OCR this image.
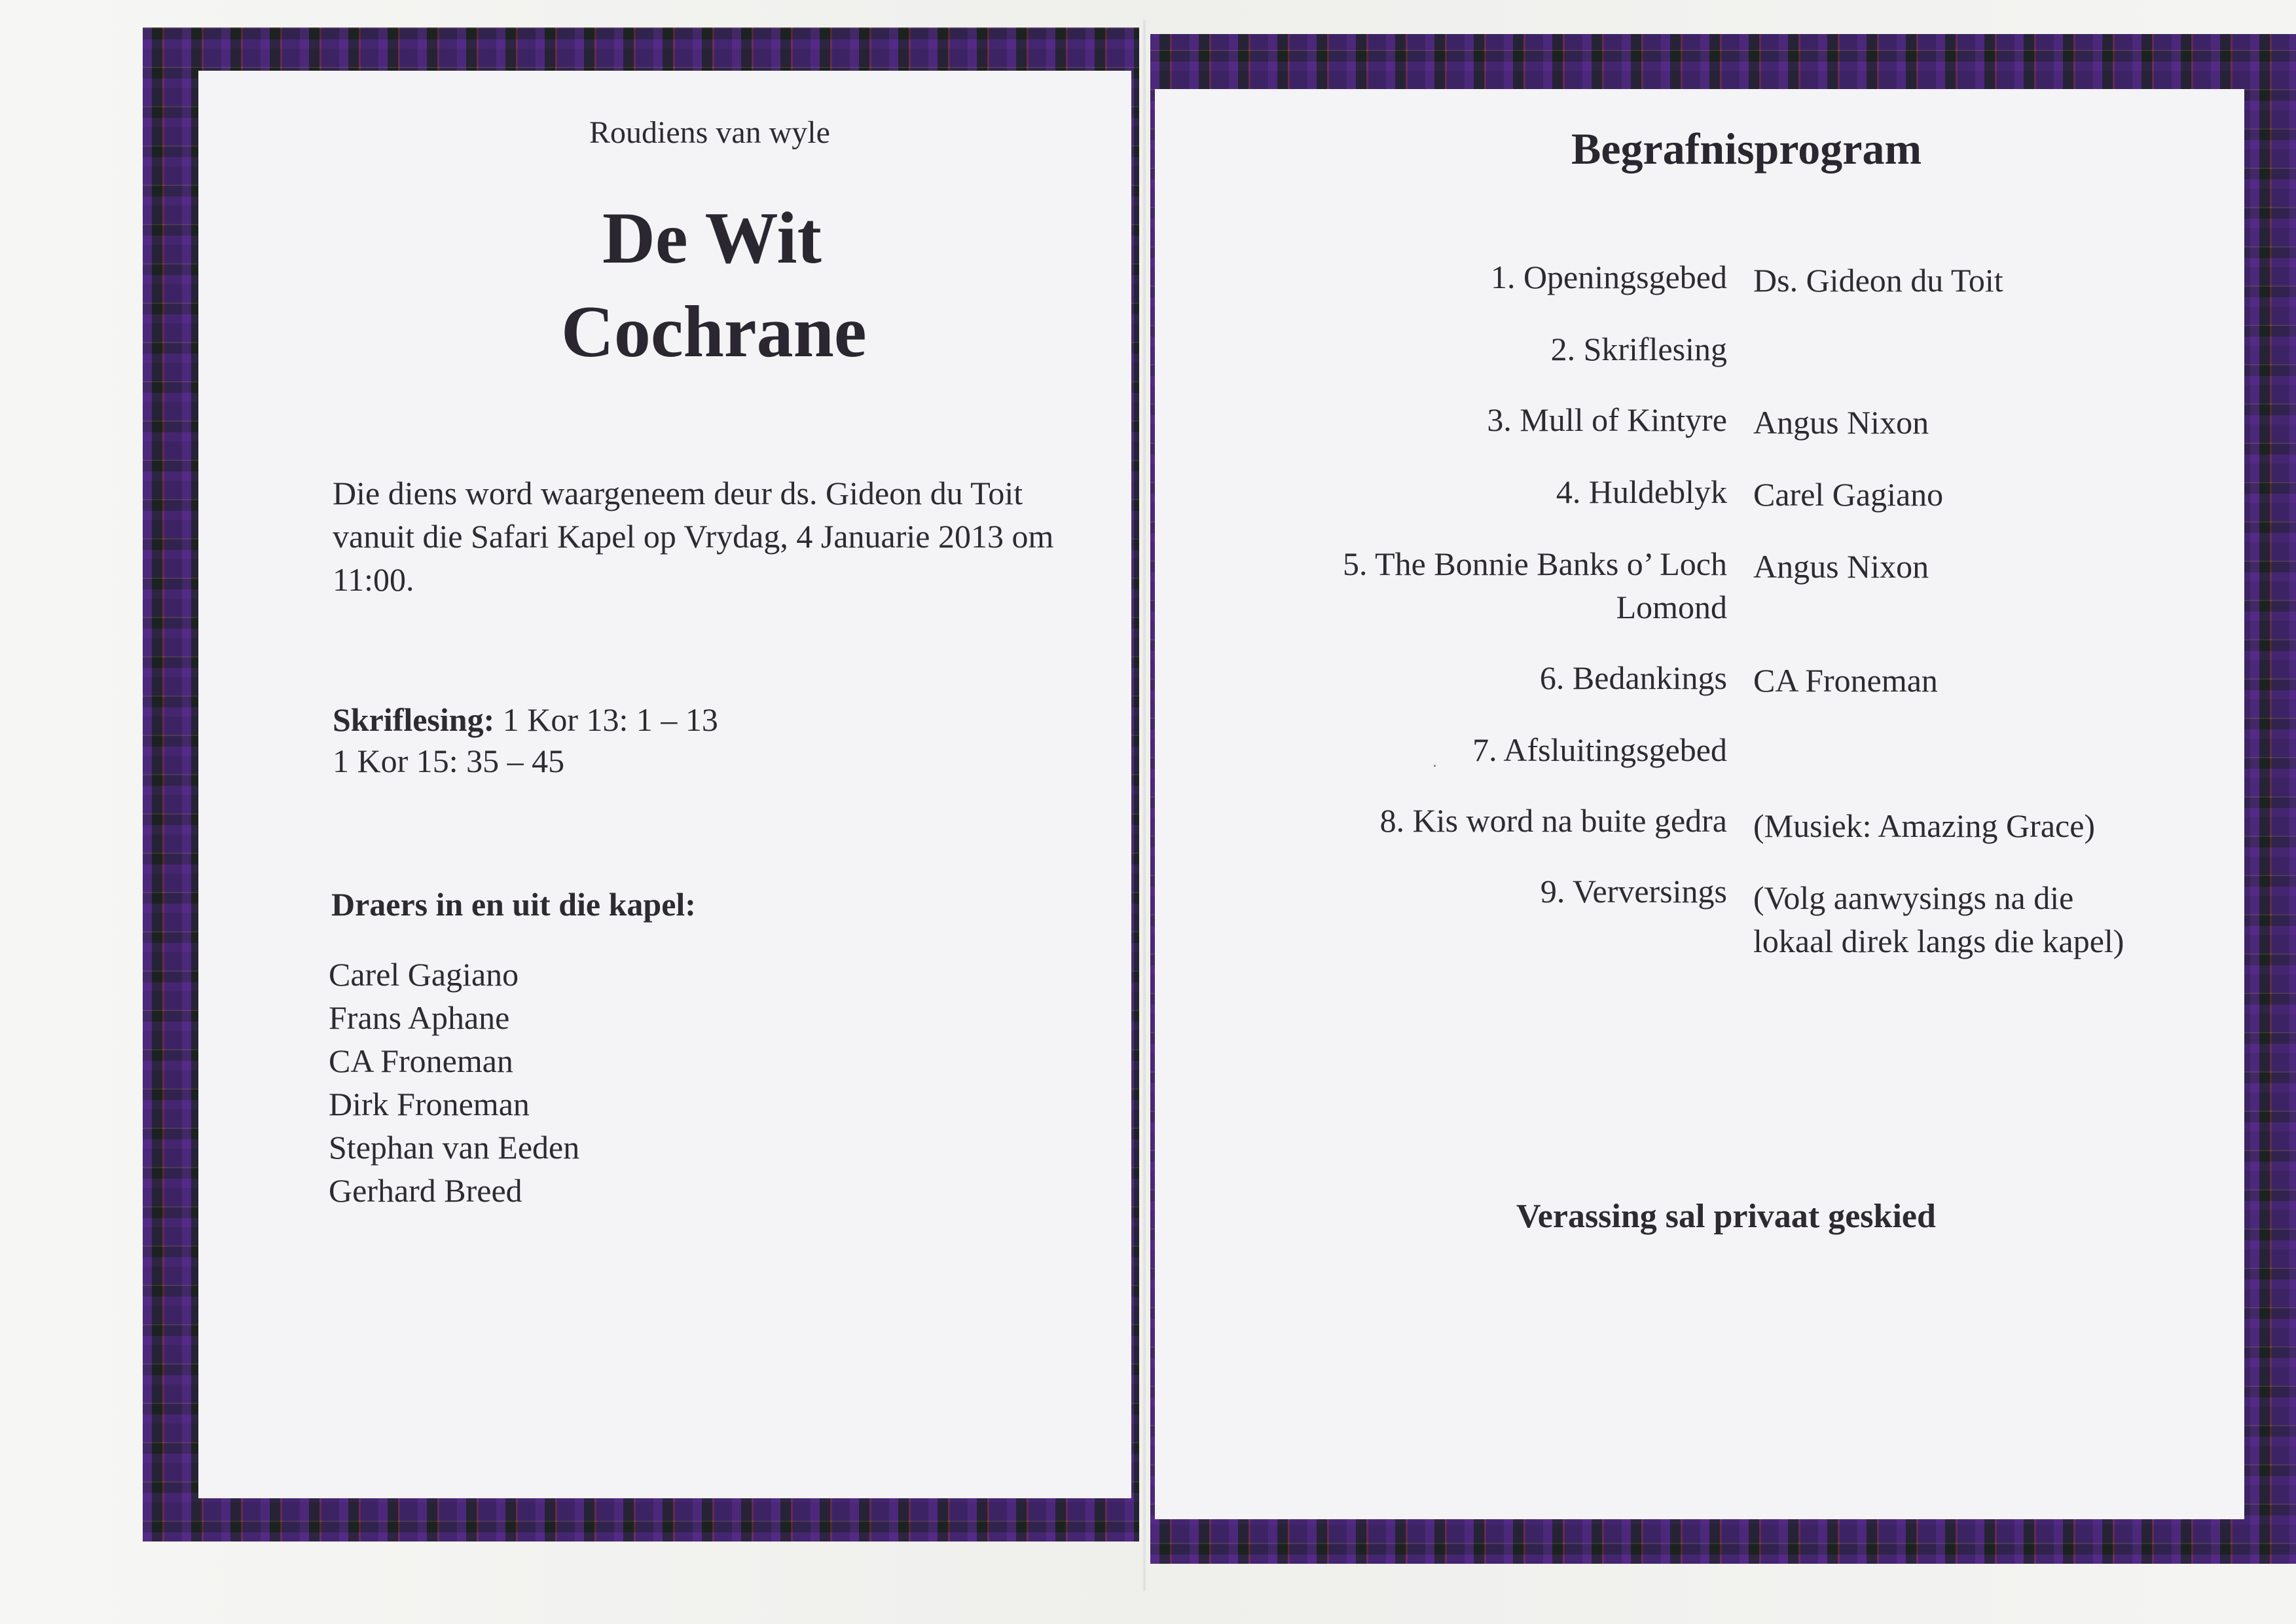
Roudiens van wyle
De Wit
Cochrane
Die diens word waargeneem deur ds. Gideon du Toit vanuit die Safari Kapel op Vrydag, 4 Januarie 2013 om 11:00.
Skriflesing: 1 Kor 13: 1 – 13
1 Kor 15: 35 – 45
Draers in en uit die kapel:
Carel Gagiano
Frans Aphane
CA Froneman
Dirk Froneman
Stephan van Eeden
Gerhard Breed
Begrafnisprogram
1. Openingsgebed Ds. Gideon du Toit
2. Skriflesing
3. Mull of Kintyre Angus Nixon
4. Huldeblyk Carel Gagiano
5. The Bonnie Banks o’ Loch Lomond
Angus Nixon
6. Bedankings CA Froneman
7. Afsluitingsgebed
8. Kis word na buite gedra (Musiek: Amazing Grace)
9. Verversings (Volg aanwysings na die lokaal direk langs die kapel)
Verassing sal privaat geskied
